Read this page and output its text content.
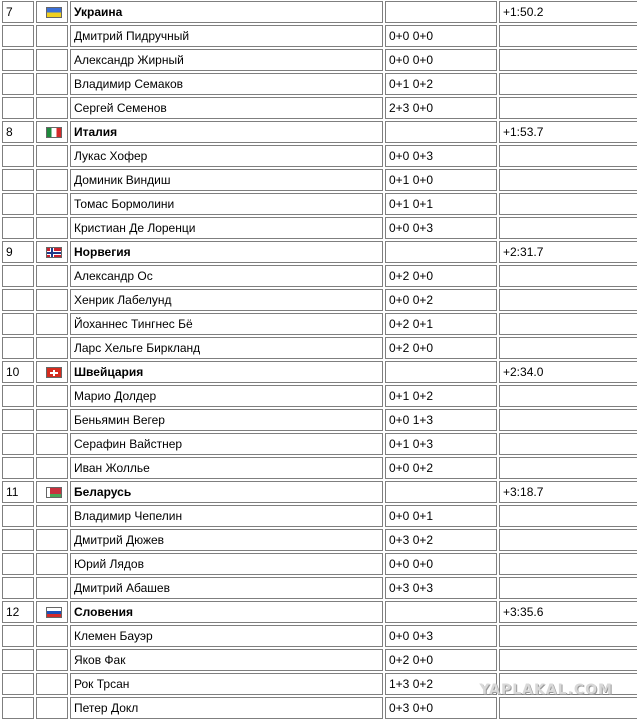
7		Украина		+1:50.2
		Дмитрий Пидручный	0+0 0+0	
		Александр Жирный	0+0 0+0	
		Владимир Семаков	0+1 0+2	
		Сергей Семенов	2+3 0+0	
8		Италия		+1:53.7
		Лукас Хофер	0+0 0+3	
		Доминик Виндиш	0+1 0+0	
		Томас Бормолини	0+1 0+1	
		Кристиан Де Лоренци	0+0 0+3	
9		Норвегия		+2:31.7
		Александр Ос	0+2 0+0	
		Хенрик Лабелунд	0+0 0+2	
		Йоханнес Тингнес Бё	0+2 0+1	
		Ларс Хельге Биркланд	0+2 0+0	
10		Швейцария		+2:34.0
		Марио Долдер	0+1 0+2	
		Беньямин Вегер	0+0 1+3	
		Серафин Вайстнер	0+1 0+3	
		Иван Жолльe	0+0 0+2	
11		Беларусь		+3:18.7
		Владимир Чепелин	0+0 0+1	
		Дмитрий Дюжев	0+3 0+2	
		Юрий Лядов	0+0 0+0	
		Дмитрий Абашев	0+3 0+3	
12		Словения		+3:35.6
		Клемен Бауэр	0+0 0+3	
		Яков Фак	0+2 0+0	
		Рок Трсан	1+3 0+2	
		Петер Докл	0+3 0+0	
YAPLAKAL.COM
